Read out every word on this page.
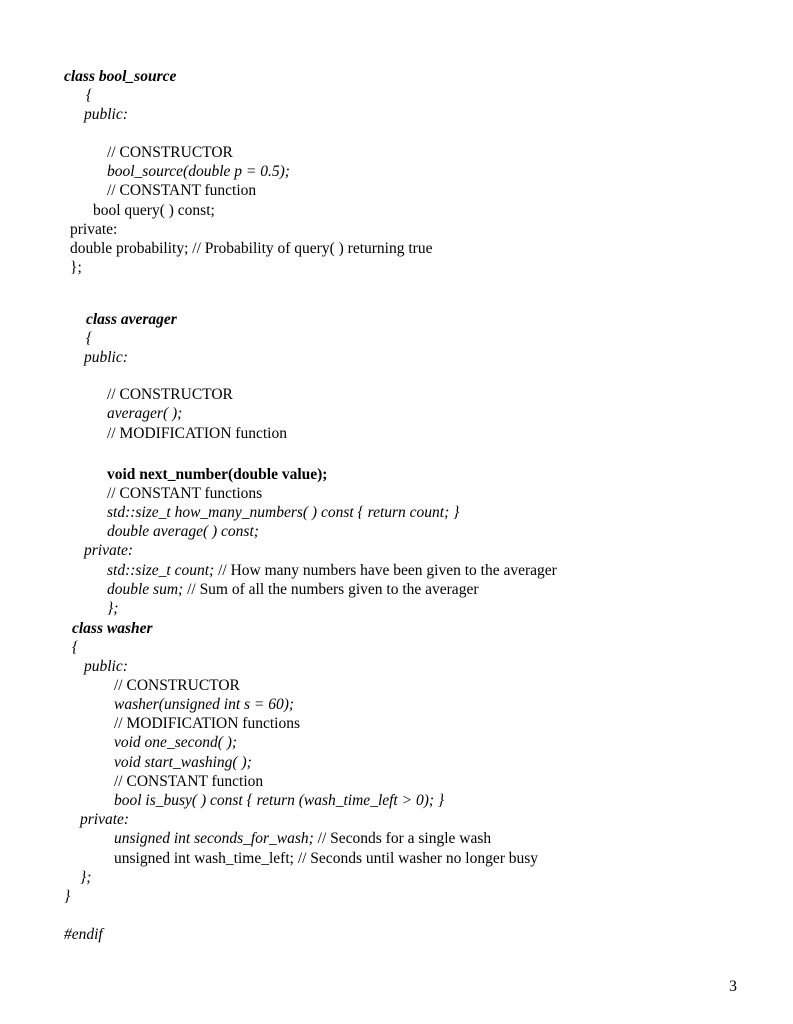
class bool_source
{
public:
// CONSTRUCTOR
bool_source(double p = 0.5);
// CONSTANT function
bool query( ) const;
private:
double probability; // Probability of query( ) returning true
};
class averager
{
public:
// CONSTRUCTOR
averager( );
// MODIFICATION function
void next_number(double value);
// CONSTANT functions
std::size_t how_many_numbers( ) const { return count; }
double average( ) const;
private:
std::size_t count; // How many numbers have been given to the averager
double sum; // Sum of all the numbers given to the averager
};
class washer
{
public:
// CONSTRUCTOR
washer(unsigned int s = 60);
// MODIFICATION functions
void one_second( );
void start_washing( );
// CONSTANT function
bool is_busy( ) const { return (wash_time_left > 0); }
private:
unsigned int seconds_for_wash; // Seconds for a single wash
unsigned int wash_time_left; // Seconds until washer no longer busy
};
}
#endif
3
